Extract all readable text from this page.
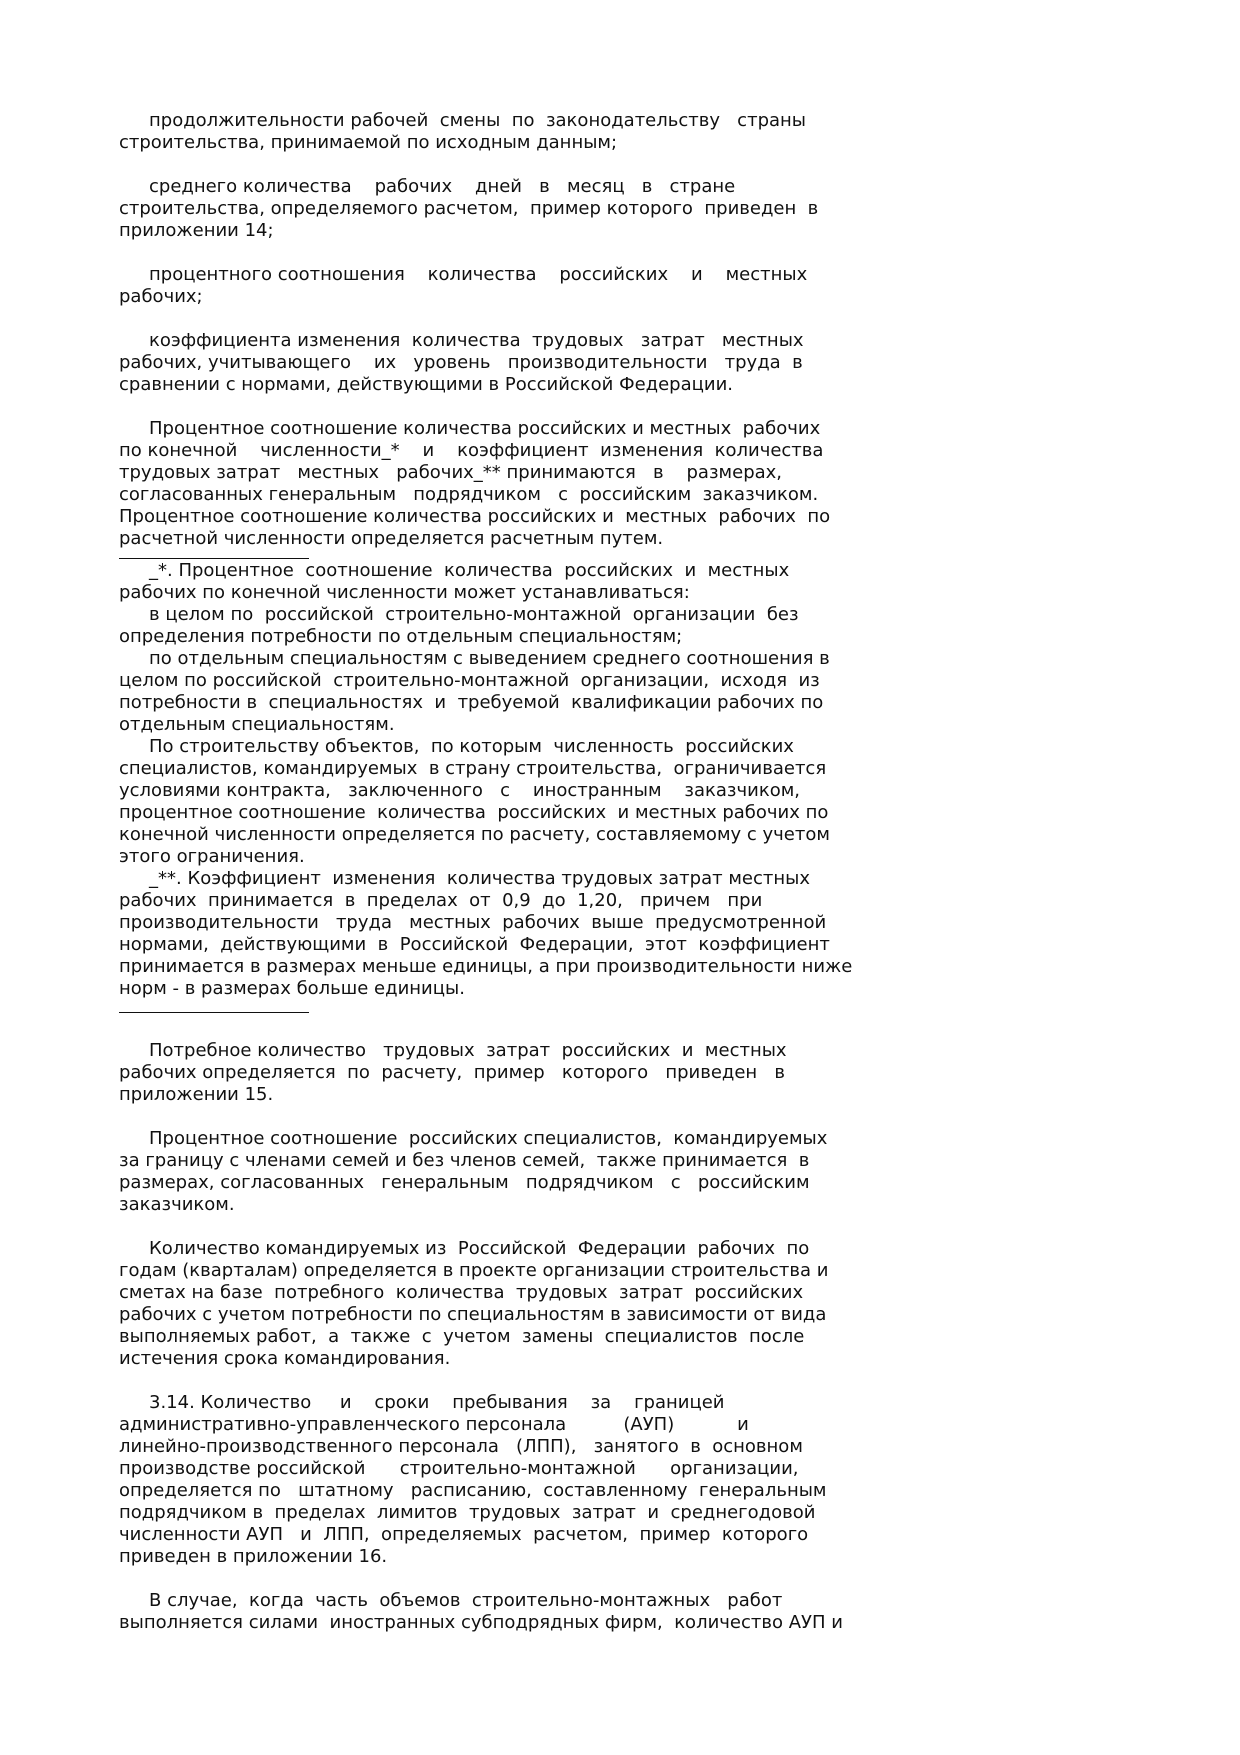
продолжительности рабочей  смены  по  законодательству   страны
строительства, принимаемой по исходным данным;
среднего количества    рабочих    дней   в   месяц   в   стране
строительства, определяемого расчетом,  пример которого  приведен  в
приложении 14;
процентного соотношения    количества    российских    и    местных
рабочих;
коэффициента изменения  количества  трудовых   затрат   местных
рабочих, учитывающего    их   уровень   производительности   труда  в
сравнении с нормами, действующими в Российской Федерации.
Процентное соотношение количества российских и местных  рабочих
по конечной    численности_*    и    коэффициент  изменения  количества
трудовых затрат   местных   рабочих_** принимаются   в    размерах,
согласованных генеральным   подрядчиком   с  российским  заказчиком.
Процентное соотношение количества российских и  местных  рабочих  по
расчетной численности определяется расчетным путем.
_*. Процентное  соотношение  количества  российских  и  местных
рабочих по конечной численности может устанавливаться:
в целом по  российской  строительно-монтажной  организации  без
определения потребности по отдельным специальностям;
по отдельным специальностям с выведением среднего соотношения в
целом по российской  строительно-монтажной  организации,  исходя  из
потребности в  специальностях  и  требуемой  квалификации рабочих по
отдельным специальностям.
По строительству объектов,  по которым  численность  российских
специалистов, командируемых  в страну строительства,  ограничивается
условиями контракта,   заключенного   с    иностранным    заказчиком,
процентное соотношение  количества  российских  и местных рабочих по
конечной численности определяется по расчету, составляемому с учетом
этого ограничения.
_**. Коэффициент  изменения  количества трудовых затрат местных
рабочих  принимается  в  пределах  от  0,9  до  1,20,   причем   при
производительности   труда   местных  рабочих  выше  предусмотренной
нормами,  действующими  в  Российской  Федерации,  этот  коэффициент
принимается в размерах меньше единицы, а при производительности ниже
норм - в размерах больше единицы.
Потребное количество   трудовых  затрат  российских  и  местных
рабочих определяется  по  расчету,  пример   которого   приведен   в
приложении 15.
Процентное соотношение  российских специалистов,  командируемых
за границу с членами семей и без членов семей,  также принимается  в
размерах, согласованных   генеральным   подрядчиком   с   российским
заказчиком.
Количество командируемых из  Российской  Федерации  рабочих  по
годам (кварталам) определяется в проекте организации строительства и
сметах на базе  потребного  количества  трудовых  затрат  российских
рабочих с учетом потребности по специальностям в зависимости от вида
выполняемых работ,  а  также  с  учетом  замены  специалистов  после
истечения срока командирования.
3.14. Количество     и    сроки    пребывания    за    границей
административно-управленческого персонала          (АУП)           и
линейно-производственного персонала   (ЛПП),   занятого  в  основном
производстве российской      строительно-монтажной      организации,
определяется по   штатному   расписанию,  составленному  генеральным
подрядчиком в  пределах  лимитов  трудовых  затрат  и  среднегодовой
численности АУП   и  ЛПП,  определяемых  расчетом,  пример  которого
приведен в приложении 16.
В случае,  когда  часть  объемов  строительно-монтажных   работ
выполняется силами  иностранных субподрядных фирм,  количество АУП и
